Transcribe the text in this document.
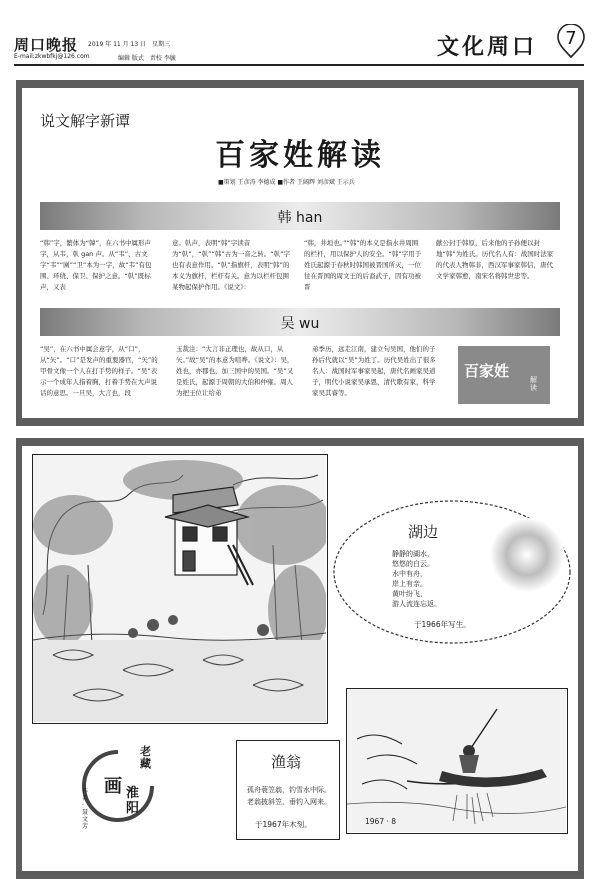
周口晚报 2019 年 11 月 13 日　星期三
E-mail:zkwbfkj@126.com	编辑 版式　责校 李毓	文化周口	7
说文解字新谭
百家姓解读
■策划 王彦涛 李德成 ■作者 王阔辉 刘彦斌 王示兵
韩 han
“韩”字，繁体为“韓”，在六书中属形声字，从韦，倝 gan 声。从“韦”，古文字“韦”“圍”“卫”本为一字，故“韦”有包围、环绕、保卫、保护之意。“倝”既标声，又表
意。倝声，表明“韩”字读音为“倝”，“倝”“韩”古为一音之转。“倝”字也有表意作用。“倝”指旗杆，表明“韩”的本义为旗杆，栏杆有关。意为以栏杆包围某物起保护作用。《说文》：
“韩，井垣也。”“韩”的本义是指水井周围的栏杆，用以保护人的安全。“韩”字用于姓氏起源于春秋时韩国被晋国所灭，一位往在晋国的周文王的后裔武子，因有功被晋
献公封于韩原，后来他的子孙便以封地“韩”为姓氏。历代名人有：战国时法家的代表人物韩非，西汉军事家韩信，唐代文学家韩愈，南宋名将韩世忠等。
吴 wu
“吴”，在六书中属会意字，从“口”，从“矢”。“口”是发声的重要器官，“矢”的甲骨文像一个人在打手势的样子。“吴”表示一个成年人指着胸，打着手势在大声说话的意思。一旦吴，大言也，段
玉裁注：“大言非正理也，故从口，从矢。”故“吴”的本意为喧哗。《说文》：吴，姓也，亦郡也，加三国中的吴国。“吴”又是姓氏，起源于周朝的大伯和仲雍。周人为把王位让给弟
弟季历，远走江南，建立句吴国，他们的子孙后代就以“吴”为姓了。历代吴姓出了很多名人：战国时军事家吴起，唐代名画家吴道子，明代小说家吴承恩，清代歌有家，科学家吴其睿等。
百家姓	解读
湖边
静静的湖水，
悠悠的白云。
水中有舟，
岸上有亲。
黄叶纷飞，
游人流连忘返。
于1966年写生。
1967 · 8
渔翁
孤舟蓑笠翁，钓雪水中际。
老翁披斜笠，垂钓入网来。
于1967年木刻。
画
老藏
淮阳
作者 · 聂文芳
